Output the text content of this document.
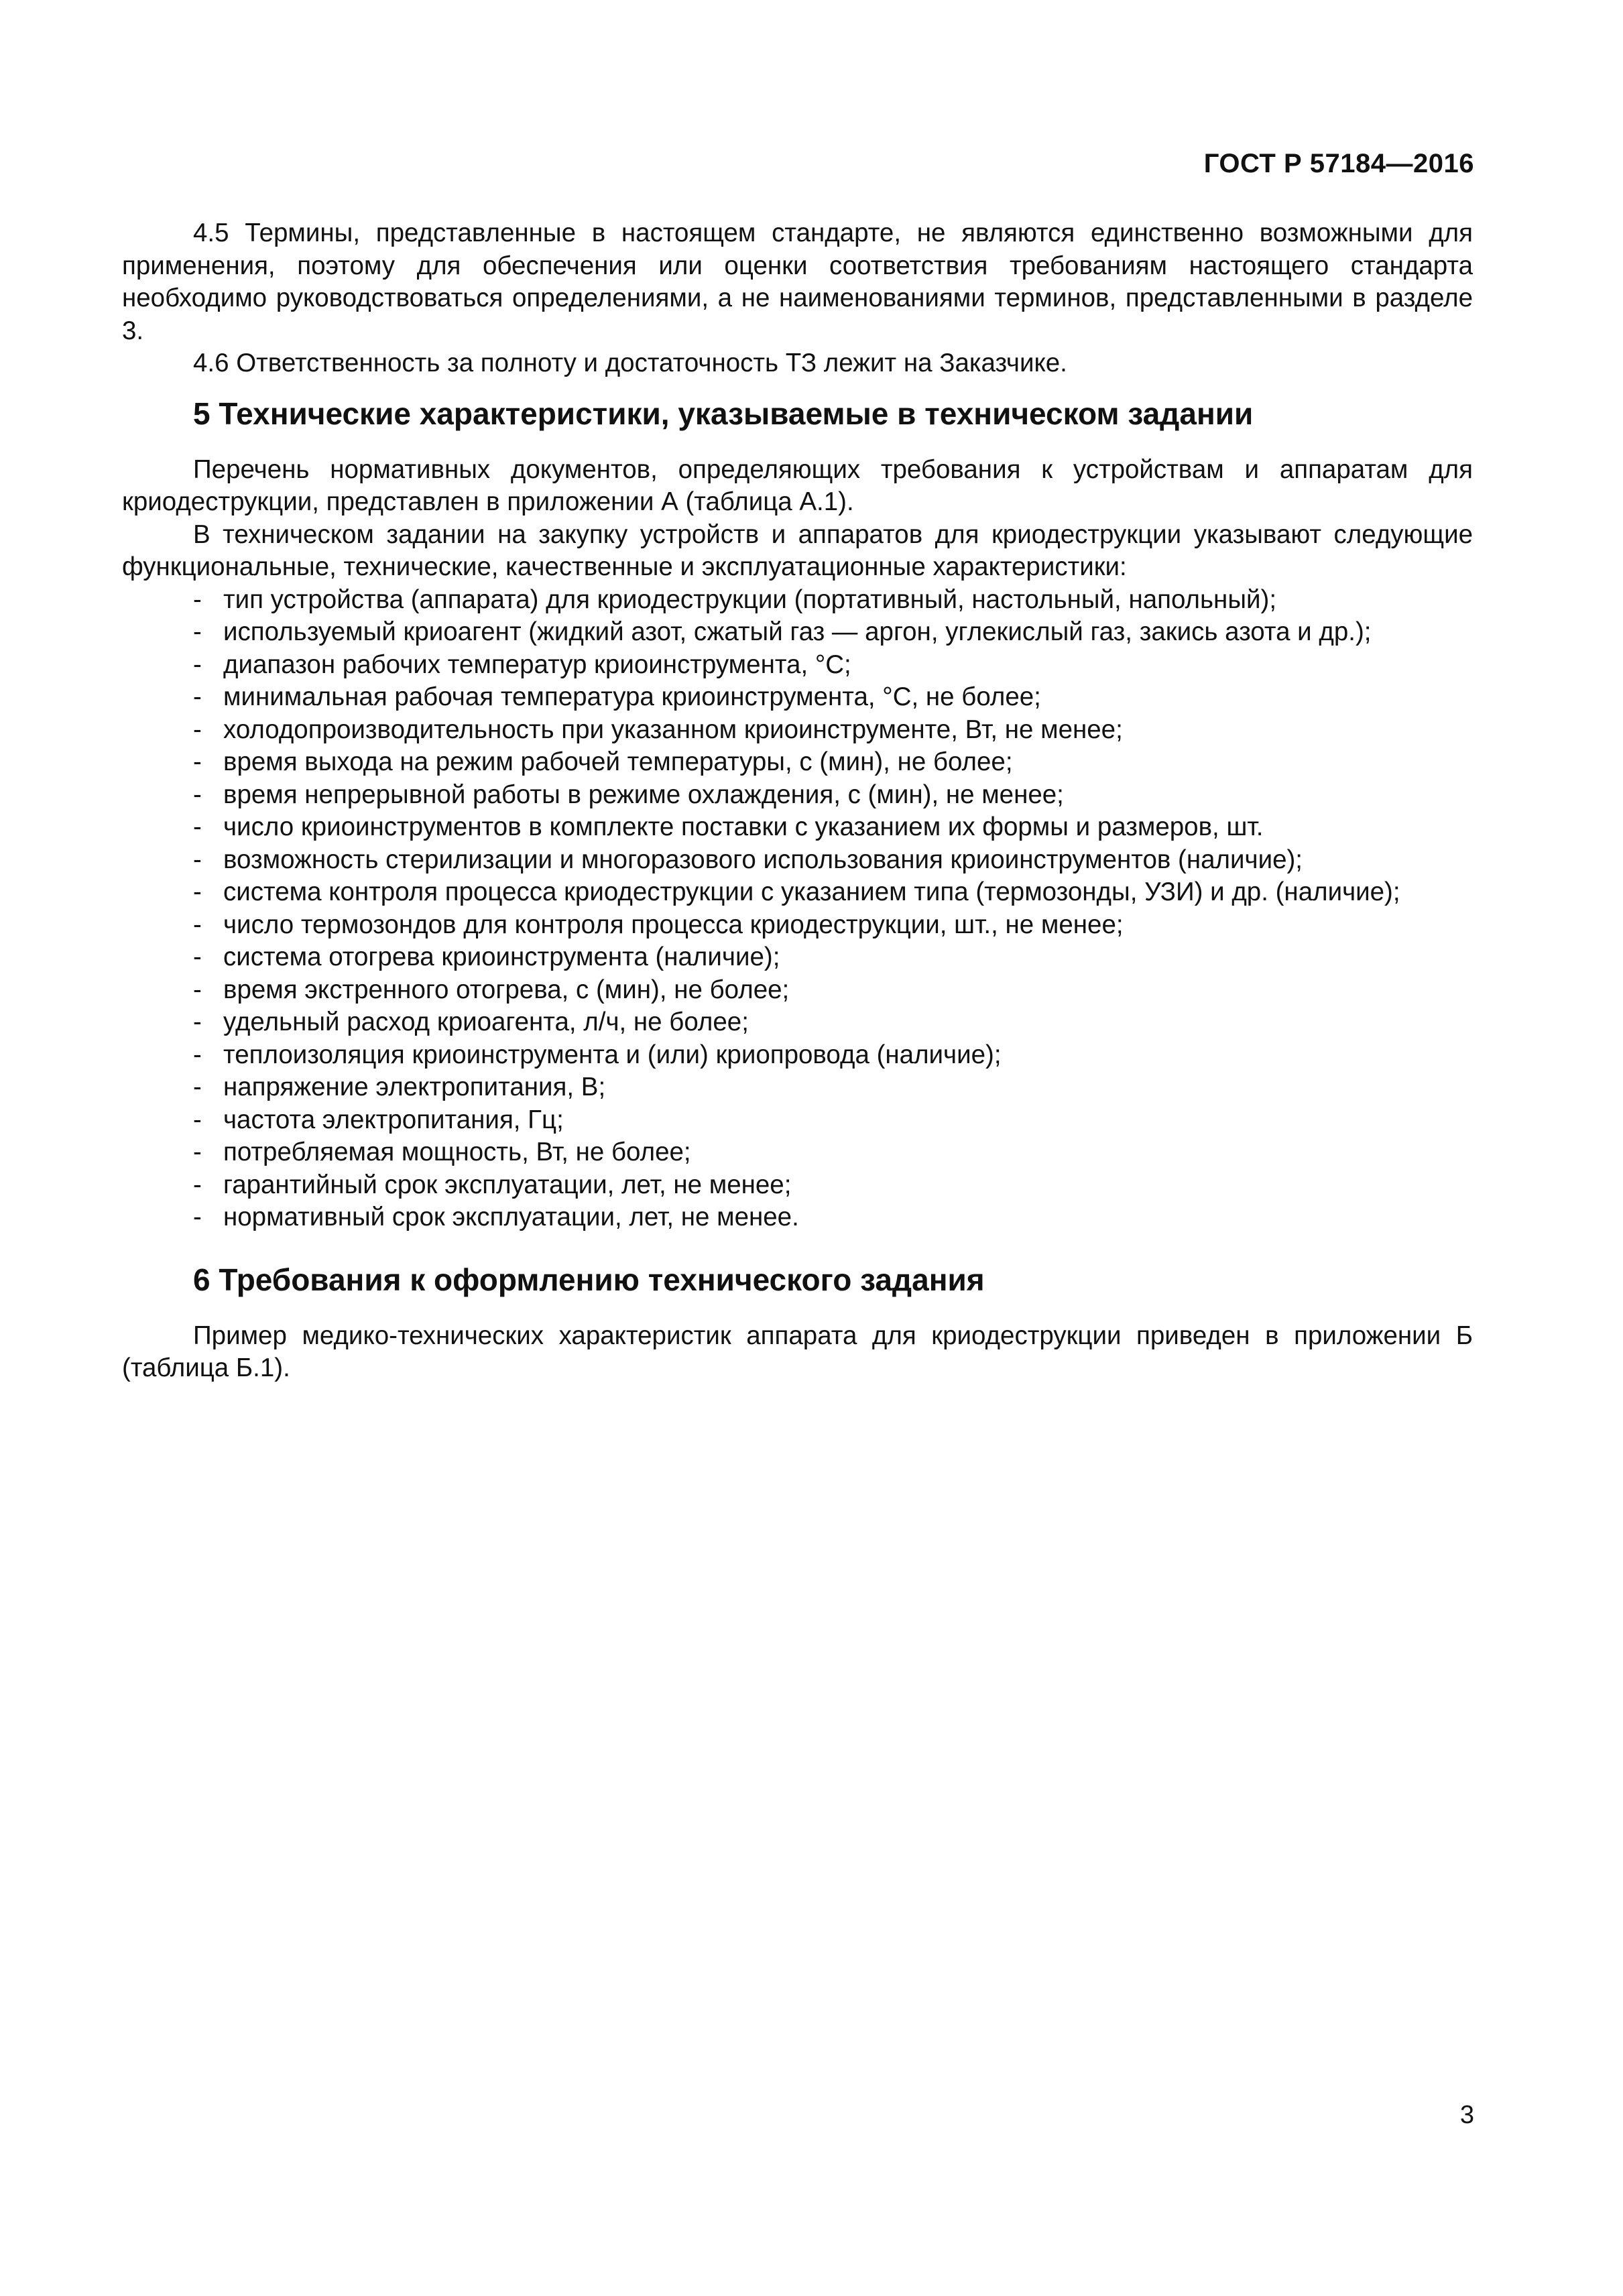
ГОСТ Р 57184—2016

4.5 Термины, представленные в настоящем стандарте, не являются единственно возможными для применения, поэтому для обеспечения или оценки соответствия требованиям настоящего стандарта необходимо руководствоваться определениями, а не наименованиями терминов, представленными в разделе 3.

4.6 Ответственность за полноту и достаточность ТЗ лежит на Заказчике.

5 Технические характеристики, указываемые в техническом задании

Перечень нормативных документов, определяющих требования к устройствам и аппаратам для криодеструкции, представлен в приложении А (таблица А.1).

В техническом задании на закупку устройств и аппаратов для криодеструкции указывают следующие функциональные, технические, качественные и эксплуатационные характеристики:

- тип устройства (аппарата) для криодеструкции (портативный, настольный, напольный);
- используемый криоагент (жидкий азот, сжатый газ — аргон, углекислый газ, закись азота и др.);
- диапазон рабочих температур криоинструмента, °С;
- минимальная рабочая температура криоинструмента, °С, не более;
- холодопроизводительность при указанном криоинструменте, Вт, не менее;
- время выхода на режим рабочей температуры, с (мин), не более;
- время непрерывной работы в режиме охлаждения, с (мин), не менее;
- число криоинструментов в комплекте поставки с указанием их формы и размеров, шт.
- возможность стерилизации и многоразового использования криоинструментов (наличие);
- система контроля процесса криодеструкции с указанием типа (термозонды, УЗИ) и др. (наличие);
- число термозондов для контроля процесса криодеструкции, шт., не менее;
- система отогрева криоинструмента (наличие);
- время экстренного отогрева, с (мин), не более;
- удельный расход криоагента, л/ч, не более;
- теплоизоляция криоинструмента и (или) криопровода (наличие);
- напряжение электропитания, В;
- частота электропитания, Гц;
- потребляемая мощность, Вт, не более;
- гарантийный срок эксплуатации, лет, не менее;
- нормативный срок эксплуатации, лет, не менее.
6 Требования к оформлению технического задания

Пример медико-технических характеристик аппарата для криодеструкции приведен в приложении Б (таблица Б.1).

3
